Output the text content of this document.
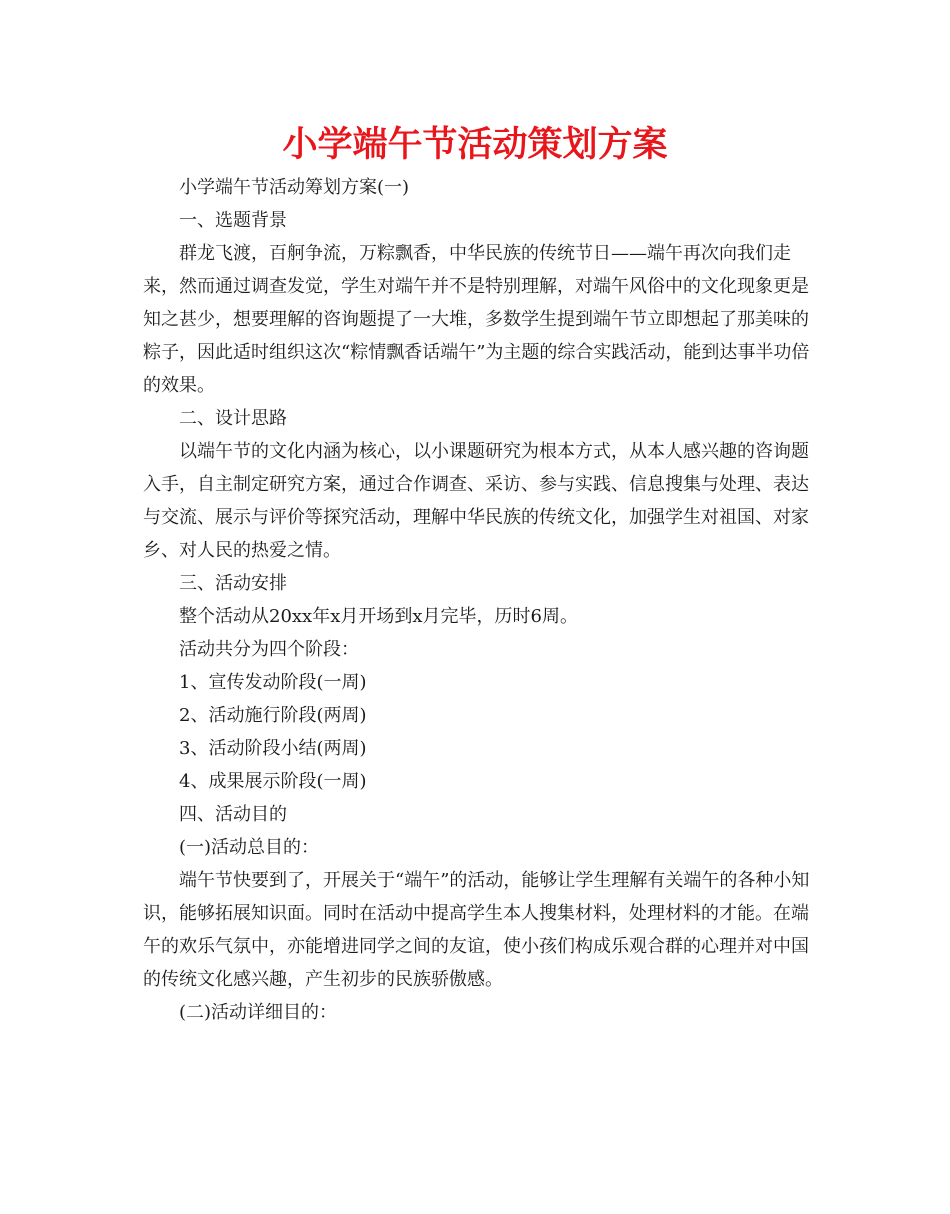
小学端午节活动策划方案

小学端午节活动筹划方案(一)

一、选题背景

群龙飞渡，百舸争流，万粽飘香，中华民族的传统节日——端午再次向我们走来，然而通过调查发觉，学生对端午并不是特别理解，对端午风俗中的文化现象更是知之甚少，想要理解的咨询题提了一大堆，多数学生提到端午节立即想起了那美味的粽子，因此适时组织这次“粽情飘香话端午”为主题的综合实践活动，能到达事半功倍的效果。

二、设计思路

以端午节的文化内涵为核心，以小课题研究为根本方式，从本人感兴趣的咨询题入手，自主制定研究方案，通过合作调查、采访、参与实践、信息搜集与处理、表达与交流、展示与评价等探究活动，理解中华民族的传统文化，加强学生对祖国、对家乡、对人民的热爱之情。

三、活动安排

整个活动从20xx年x月开场到x月完毕，历时6周。

活动共分为四个阶段：

1、宣传发动阶段(一周)

2、活动施行阶段(两周)

3、活动阶段小结(两周)

4、成果展示阶段(一周)

四、活动目的

(一)活动总目的：

端午节快要到了，开展关于“端午”的活动，能够让学生理解有关端午的各种小知识，能够拓展知识面。同时在活动中提高学生本人搜集材料，处理材料的才能。在端午的欢乐气氛中，亦能增进同学之间的友谊，使小孩们构成乐观合群的心理并对中国的传统文化感兴趣，产生初步的民族骄傲感。

(二)活动详细目的：
